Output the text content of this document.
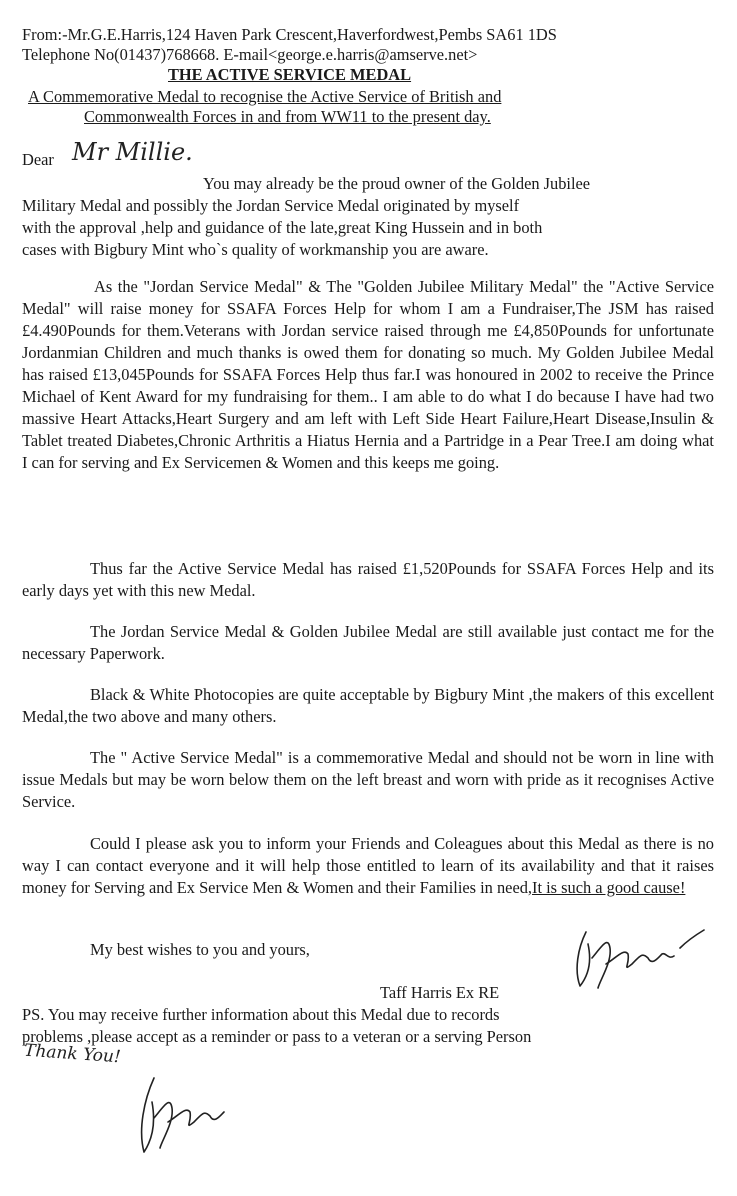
From:-Mr.G.E.Harris,124 Haven Park Crescent,Haverfordwest,Pembs SA61 1DS
Telephone No(01437)768668. E-mail<george.e.harris@amserve.net>
THE ACTIVE SERVICE MEDAL
A Commemorative Medal to recognise the Active Service of British and
Commonwealth Forces in and from WW11 to the present day.
Dear Mr Millie.
You may already be the proud owner of the Golden Jubilee
Military Medal and possibly the Jordan Service Medal originated by myself
with the approval ,help and guidance of the late,great King Hussein and in both
cases with Bigbury Mint who`s quality of workmanship you are aware.
As the "Jordan Service Medal" & The "Golden Jubilee Military Medal" the "Active Service Medal" will raise money for SSAFA Forces Help for whom I am a Fundraiser,The JSM has raised £4.490Pounds for them.Veterans with Jordan service raised through me £4,850Pounds for unfortunate Jordanmian Children and much thanks is owed them for donating so much. My Golden Jubilee Medal has raised £13,045Pounds for SSAFA Forces Help thus far.I was honoured in 2002 to receive the Prince Michael of Kent Award for my fundraising for them.. I am able to do what I do because I have had two massive Heart Attacks,Heart Surgery and am left with Left Side Heart Failure,Heart Disease,Insulin & Tablet treated Diabetes,Chronic Arthritis a Hiatus Hernia and a Partridge in a Pear Tree.I am doing what I can for serving and Ex Servicemen & Women and this keeps me going.
Thus far the Active Service Medal has raised £1,520Pounds for SSAFA Forces Help and its early days yet with this new Medal.
The Jordan Service Medal & Golden Jubilee Medal are still available just contact me for the necessary Paperwork.
Black & White Photocopies are quite acceptable by Bigbury Mint ,the makers of this excellent Medal,the two above and many others.
The " Active Service Medal" is a commemorative Medal and should not be worn in line with issue Medals but may be worn below them on the left breast and worn with pride as it recognises Active Service.
Could I please ask you to inform your Friends and Coleagues about this Medal as there is no way I can contact everyone and it will help those entitled to learn of its availability and that it raises money for Serving and Ex Service Men & Women and their Families in need,It is such a good cause!
My best wishes to you and yours,
Taff Harris Ex RE
PS. You may receive further information about this Medal due to records
problems ,please accept as a reminder or pass to a veteran or a serving Person
Thank You!
